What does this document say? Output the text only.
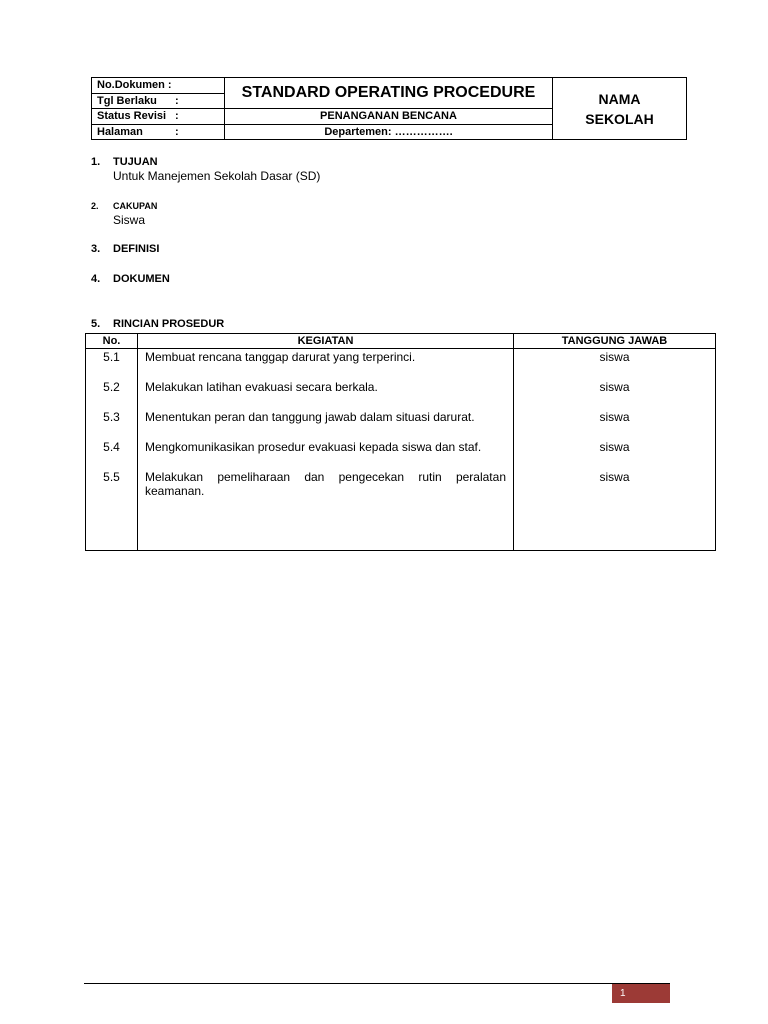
No.Dokumen :	STANDARD OPERATING PROCEDURE	NAMA
SEKOLAH
Tgl Berlaku :		
Status Revisi :	PENANGANAN BENCANA	
Halaman :	Departemen: …………….	
1. TUJUAN
Untuk Manejemen Sekolah Dasar (SD)
2. CAKUPAN
Siswa
3. DEFINISI
4. DOKUMEN
5. RINCIAN PROSEDUR
No.	KEGIATAN	TANGGUNG JAWAB
5.1	Membuat rencana tanggap darurat yang terperinci.	siswa
5.2	Melakukan latihan evakuasi secara berkala.	siswa
5.3	Menentukan peran dan tanggung jawab dalam situasi darurat.	siswa
5.4	Mengkomunikasikan prosedur evakuasi kepada siswa dan staf.	siswa
5.5	Melakukan pemeliharaan dan pengecekan rutin peralatan keamanan.	siswa
1
